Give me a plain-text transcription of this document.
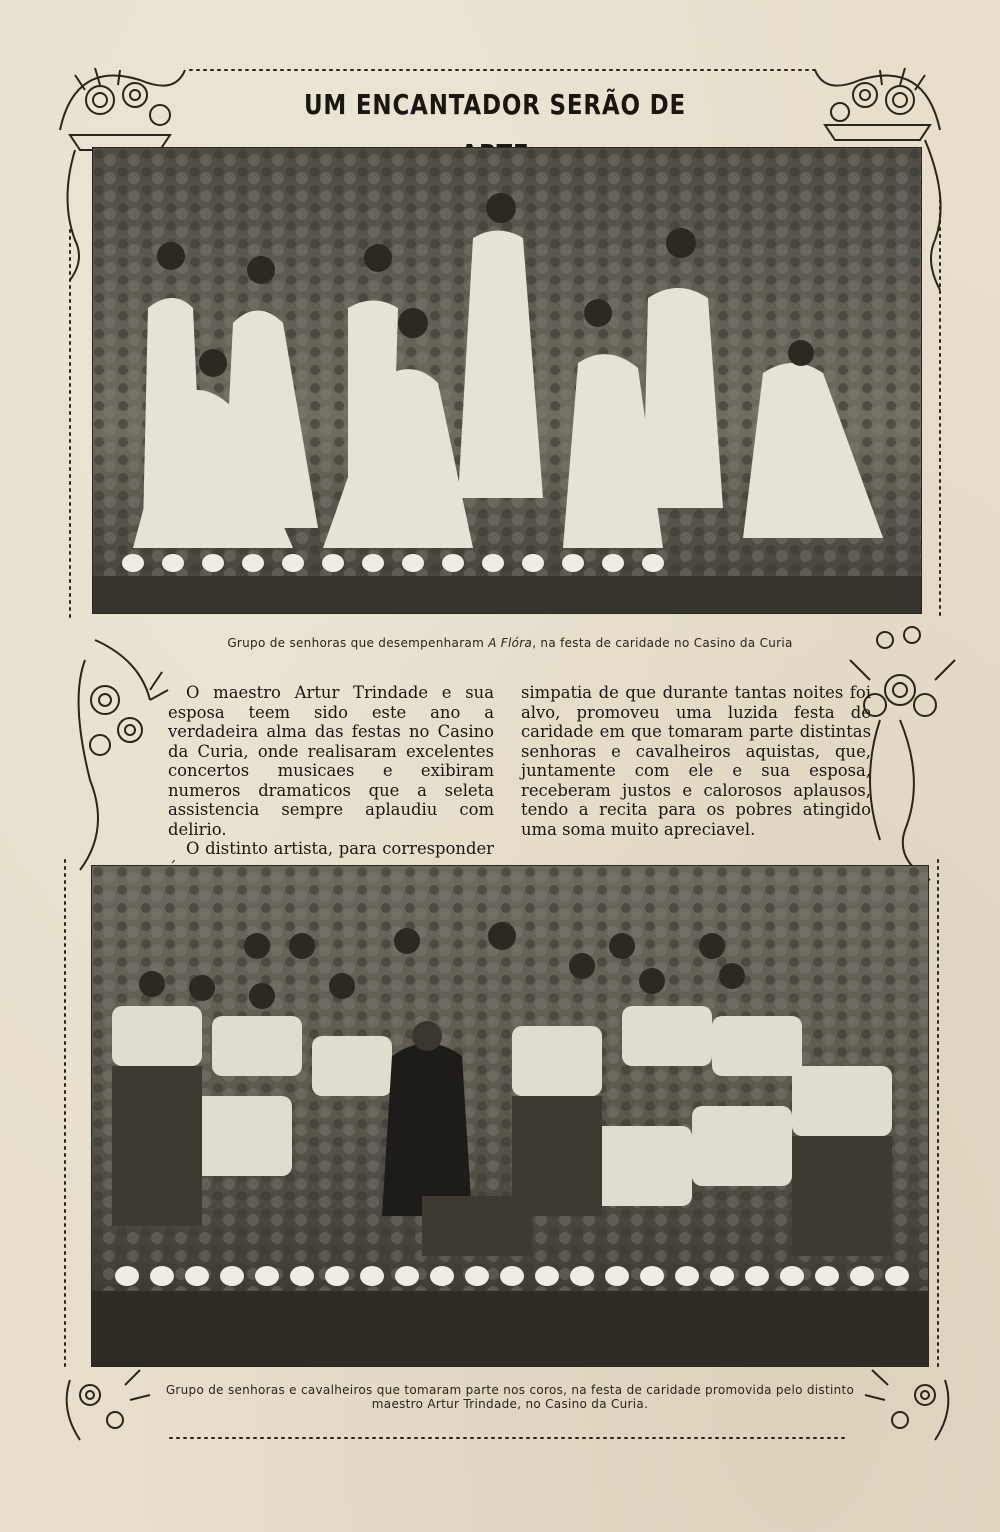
UM ENCANTADOR SERÃO DE
Grupo de senhoras que desempenharam A Flóra, na festa de caridade no Casino da Curia

O maestro Artur Trindade e sua esposa teem sido este ano a verdadeira alma das festas no Casino da Curia, onde realisaram excelentes concertos musicaes e exibiram numeros dramaticos que a seleta assistencia sempre aplaudiu com delirio.

O distinto artista, para corresponder

simpatia de que durante tantas noites foi alvo, promoveu uma luzida festa de caridade em que tomaram parte distintas senhoras e cavalheiros aquistas, que, juntamente com ele e sua esposa, receberam justos e calorosos aplausos, tendo a recita para os pobres atingido uma soma muito apreciavel.

Grupo de senhoras e cavalheiros que tomaram parte nos coros, na festa de caridade promovida pelo distinto maestro Artur Trindade, no Casino da Curia.
